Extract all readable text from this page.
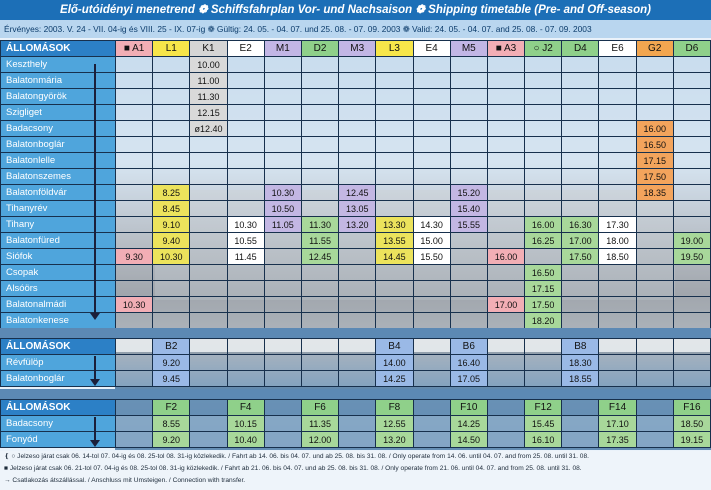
Elő-utóidényi menetrend ❁ Schiffsfahrplan Vor- und Nachsaison ❁ Shipping timetable (Pre- and Off-season)
Érvényes: 2003. V. 24 - VII. 04-ig és VIII. 25 - IX. 07-ig ❁ Gültig: 24. 05. - 04. 07. und 25. 08. - 07. 09. 2003 ❁ Valid: 24. 05. - 04. 07. and 25. 08. - 07. 09. 2003
ÁLLOMÁSOK	■ A1	L1	K1	E2	M1	D2	M3	L3	E4	M5	■ A3	○ J2	D4	E6	G2	D6
Keszthely			10.00													
Balatonmária			11.00													
Balatongyörök			11.30													
Szigliget			12.15													
Badacsony			ø12.40												16.00	
Balatonboglár															16.50	
Balatonlelle															17.15	
Balatonszemes															17.50	
Balatonföldvár		8.25			10.30		12.45			15.20					18.35	
Tihanyrév		8.45			10.50		13.05			15.40						
Tihany		9.10		10.30	11.05	11.30	13.20	13.30	14.30	15.55		16.00	16.30	17.30		
Balatonfüred		9.40		10.55		11.55		13.55	15.00			16.25	17.00	18.00		19.00
Siófok	9.30	10.30		11.45		12.45		14.45	15.50		16.00		17.50	18.50		19.50
Csopak												16.50				
Alsóörs												17.15				
Balatonalmádi	10.30										17.00	17.50				
Balatonkenese												18.20				
ÁLLOMÁSOK		B2						B4		B6			B8			
Révfülöp		9.20						14.00		16.40			18.30			
Balatonboglár		9.45						14.25		17.05			18.55			
ÁLLOMÁSOK		F2		F4		F6		F8		F10		F12		F14		F16
Badacsony		8.55		10.15		11.35		12.55		14.25		15.45		17.10		18.50
Fonyód		9.20		10.40		12.00		13.20		14.50		16.10		17.35		19.15
❴ ○ Jelzeso járat csak 06. 14-tol 07. 04-ig és 08. 25-tol 08. 31-ig közlekedik. / Fahrt ab 14. 06. bis 04. 07. und ab 25. 08. bis 31. 08. / Only operate from 14. 06. until 04. 07. and from 25. 08. until 31. 08.
■ Jelzeso járat csak 06. 21-tol 07. 04-ig és 08. 25-tol 08. 31-ig közlekedik. / Fahrt ab 21. 06. bis 04. 07. und ab 25. 08. bis 31. 08. / Only operate from 21. 06. until 04. 07. and from 25. 08. until 31. 08.
→ Csatlakozás átszállással. / Anschluss mit Umsteigen. / Connection with transfer.
